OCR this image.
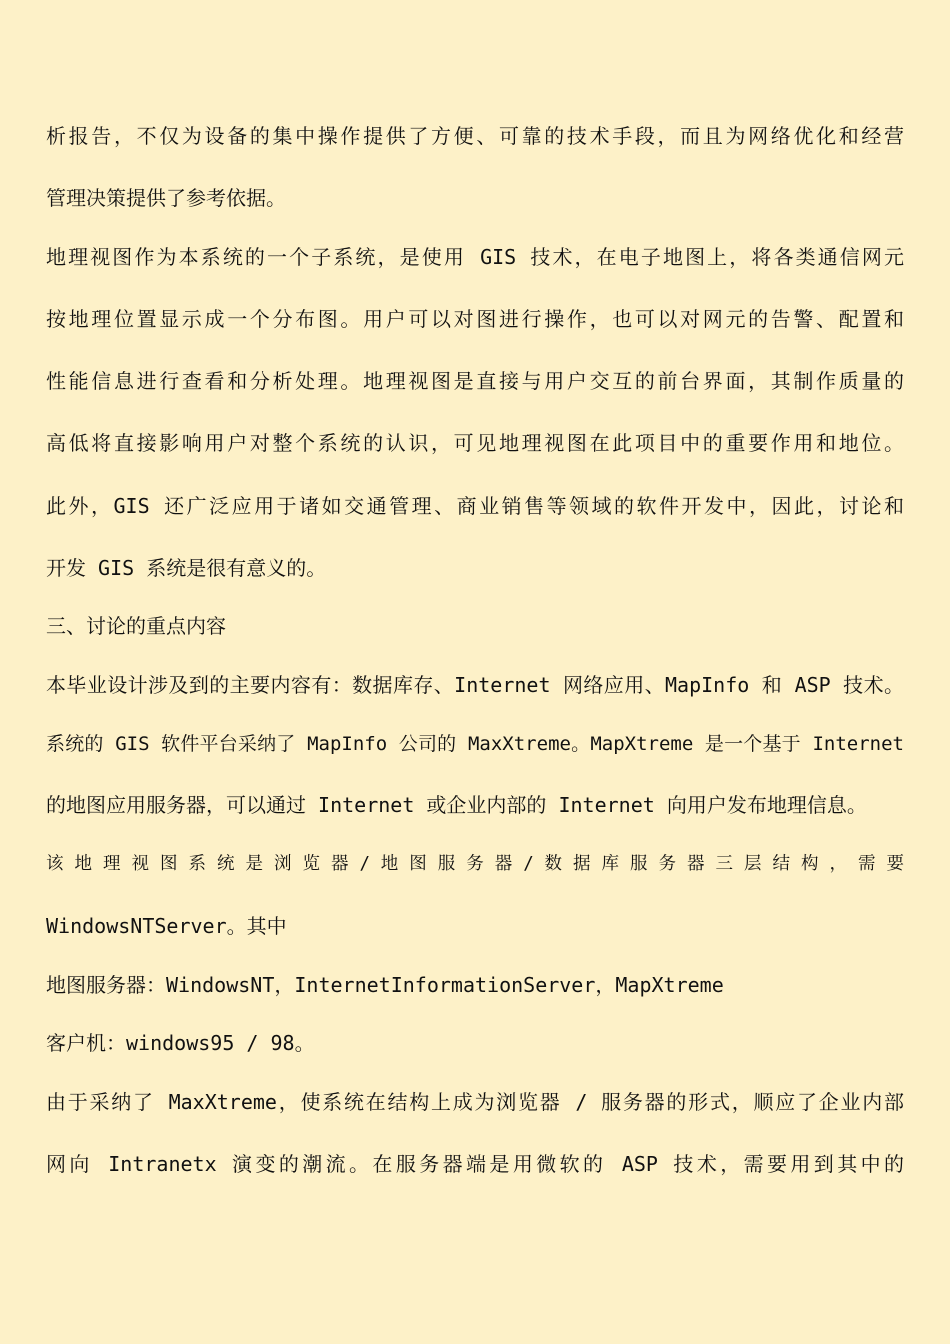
析报告，不仅为设备的集中操作提供了方便、可靠的技术手段，而且为网络优化和经营

管理决策提供了参考依据。

地理视图作为本系统的一个子系统，是使用 GIS 技术，在电子地图上，将各类通信网元

按地理位置显示成一个分布图。用户可以对图进行操作，也可以对网元的告警、配置和

性能信息进行查看和分析处理。地理视图是直接与用户交互的前台界面，其制作质量的

高低将直接影响用户对整个系统的认识，可见地理视图在此项目中的重要作用和地位。

此外，GIS 还广泛应用于诸如交通管理、商业销售等领域的软件开发中，因此，讨论和

开发 GIS 系统是很有意义的。

三、讨论的重点内容

本毕业设计涉及到的主要内容有：数据库存、Internet 网络应用、MapInfo 和 ASP 技术。

系统的 GIS 软件平台采纳了 MapInfo 公司的 MaxXtreme。MapXtreme 是一个基于 Internet

的地图应用服务器，可以通过 Internet 或企业内部的 Internet 向用户发布地理信息。

该 地 理 视 图 系 统 是 浏 览 器 / 地 图 服 务 器 / 数 据 库 服 务 器 三 层 结 构 ， 需 要

WindowsNTServer。其中

地图服务器：WindowsNT，InternetInformationServer，MapXtreme

客户机：windows95 / 98。

由于采纳了 MaxXtreme，使系统在结构上成为浏览器 / 服务器的形式，顺应了企业内部

网向 Intranetx 演变的潮流。在服务器端是用微软的 ASP 技术，需要用到其中的
